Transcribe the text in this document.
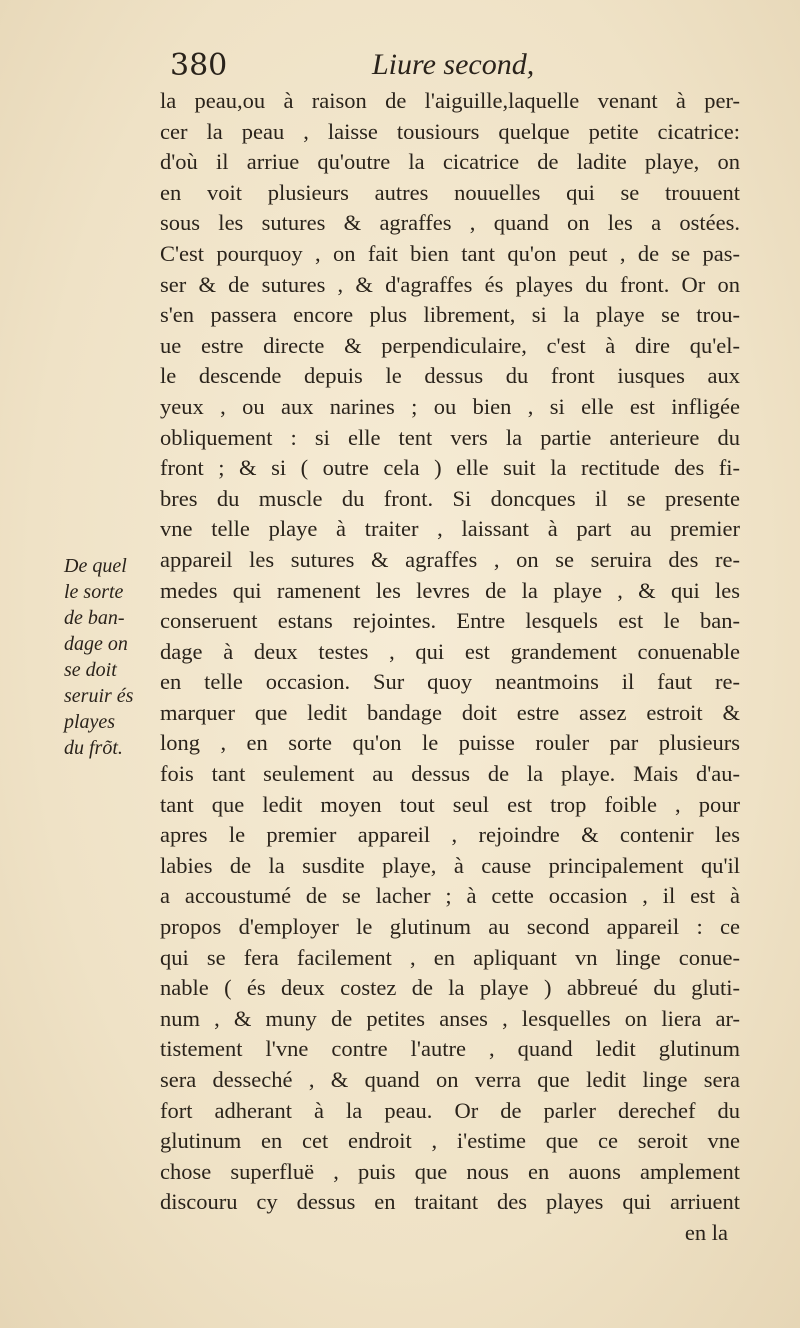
380	Liure second,
De quel
le sorte
de ban-
dage on
se doit
seruir és
playes
du frõt.
la peau,ou à raison de l'aiguille,laquelle venant à per-
cer la peau , laisse tousiours quelque petite cicatrice:
d'où il arriue qu'outre la cicatrice de ladite playe, on
en voit plusieurs autres nouuelles qui se trouuent
sous les sutures & agraffes , quand on les a ostées.
C'est pourquoy , on fait bien tant qu'on peut , de se pas-
ser & de sutures , & d'agraffes és playes du front. Or on
s'en passera encore plus librement, si la playe se trou-
ue estre directe & perpendiculaire, c'est à dire qu'el-
le descende depuis le dessus du front iusques aux
yeux , ou aux narines ; ou bien , si elle est infligée
obliquement : si elle tent vers la partie anterieure du
front ; & si ( outre cela ) elle suit la rectitude des fi-
bres du muscle du front. Si doncques il se presente
vne telle playe à traiter , laissant à part au premier
appareil les sutures & agraffes , on se seruira des re-
medes qui ramenent les levres de la playe , & qui les
conseruent estans rejointes. Entre lesquels est le ban-
dage à deux testes , qui est grandement conuenable
en telle occasion. Sur quoy neantmoins il faut re-
marquer que ledit bandage doit estre assez estroit &
long , en sorte qu'on le puisse rouler par plusieurs
fois tant seulement au dessus de la playe. Mais d'au-
tant que ledit moyen tout seul est trop foible , pour
apres le premier appareil , rejoindre & contenir les
labies de la susdite playe, à cause principalement qu'il
a accoustumé de se lacher ; à cette occasion , il est à
propos d'employer le glutinum au second appareil : ce
qui se fera facilement , en apliquant vn linge conue-
nable ( és deux costez de la playe ) abbreué du gluti-
num , & muny de petites anses , lesquelles on liera ar-
tistement l'vne contre l'autre , quand ledit glutinum
sera desseché , & quand on verra que ledit linge sera
fort adherant à la peau. Or de parler derechef du
glutinum en cet endroit , i'estime que ce seroit vne
chose superfluë , puis que nous en auons amplement
discouru cy dessus en traitant des playes qui arriuent
en la
